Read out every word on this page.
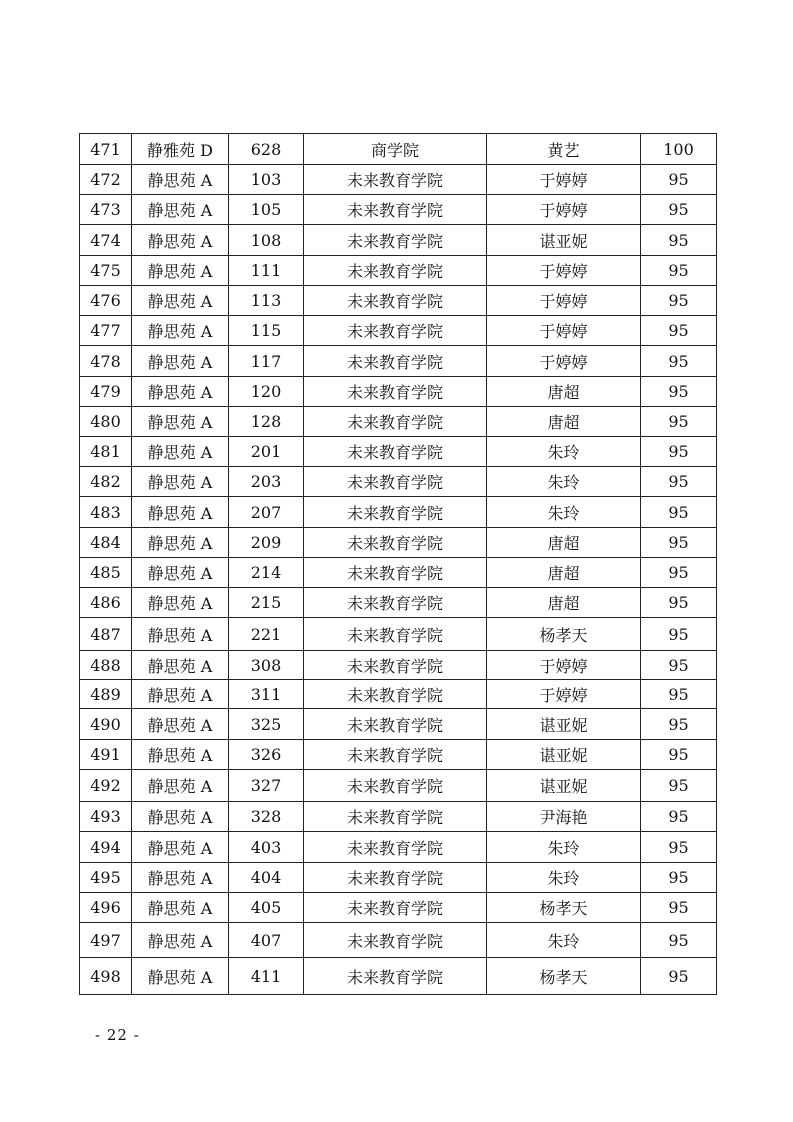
471	静雅苑 D	628	商学院	黄艺	100
472	静思苑 A	103	未来教育学院	于婷婷	95
473	静思苑 A	105	未来教育学院	于婷婷	95
474	静思苑 A	108	未来教育学院	谌亚妮	95
475	静思苑 A	111	未来教育学院	于婷婷	95
476	静思苑 A	113	未来教育学院	于婷婷	95
477	静思苑 A	115	未来教育学院	于婷婷	95
478	静思苑 A	117	未来教育学院	于婷婷	95
479	静思苑 A	120	未来教育学院	唐超	95
480	静思苑 A	128	未来教育学院	唐超	95
481	静思苑 A	201	未来教育学院	朱玲	95
482	静思苑 A	203	未来教育学院	朱玲	95
483	静思苑 A	207	未来教育学院	朱玲	95
484	静思苑 A	209	未来教育学院	唐超	95
485	静思苑 A	214	未来教育学院	唐超	95
486	静思苑 A	215	未来教育学院	唐超	95
487	静思苑 A	221	未来教育学院	杨孝天	95
488	静思苑 A	308	未来教育学院	于婷婷	95
489	静思苑 A	311	未来教育学院	于婷婷	95
490	静思苑 A	325	未来教育学院	谌亚妮	95
491	静思苑 A	326	未来教育学院	谌亚妮	95
492	静思苑 A	327	未来教育学院	谌亚妮	95
493	静思苑 A	328	未来教育学院	尹海艳	95
494	静思苑 A	403	未来教育学院	朱玲	95
495	静思苑 A	404	未来教育学院	朱玲	95
496	静思苑 A	405	未来教育学院	杨孝天	95
497	静思苑 A	407	未来教育学院	朱玲	95
498	静思苑 A	411	未来教育学院	杨孝天	95
- 22 -
